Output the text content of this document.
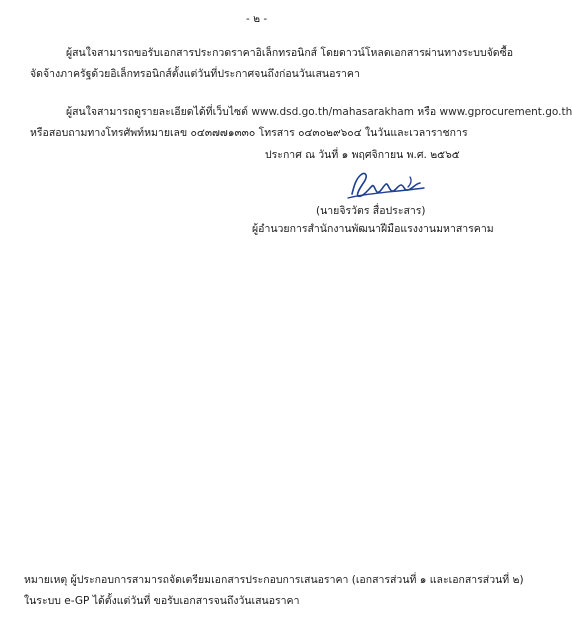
- ๒ -
ผู้สนใจสามารถขอรับเอกสารประกวดราคาอิเล็กทรอนิกส์ โดยดาวน์โหลดเอกสารผ่านทางระบบจัดซื้อ
จัดจ้างภาครัฐด้วยอิเล็กทรอนิกส์ตั้งแต่วันที่ประกาศจนถึงก่อนวันเสนอราคา
ผู้สนใจสามารถดูรายละเอียดได้ที่เว็บไซต์ www.dsd.go.th/mahasarakham หรือ www.gprocurement.go.th
หรือสอบถามทางโทรศัพท์หมายเลข ๐๔๓๗๗๑๓๓๐ โทรสาร ๐๔๓๐๒๙๖๐๔ ในวันและเวลาราชการ
ประกาศ ณ วันที่ ๑ พฤศจิกายน พ.ศ. ๒๕๖๕
(นายจิรวัตร สื่อประสาร)
ผู้อำนวยการสำนักงานพัฒนาฝีมือแรงงานมหาสารคาม
หมายเหตุ ผู้ประกอบการสามารถจัดเตรียมเอกสารประกอบการเสนอราคา (เอกสารส่วนที่ ๑ และเอกสารส่วนที่ ๒)
ในระบบ e-GP ได้ตั้งแต่วันที่ ขอรับเอกสารจนถึงวันเสนอราคา
